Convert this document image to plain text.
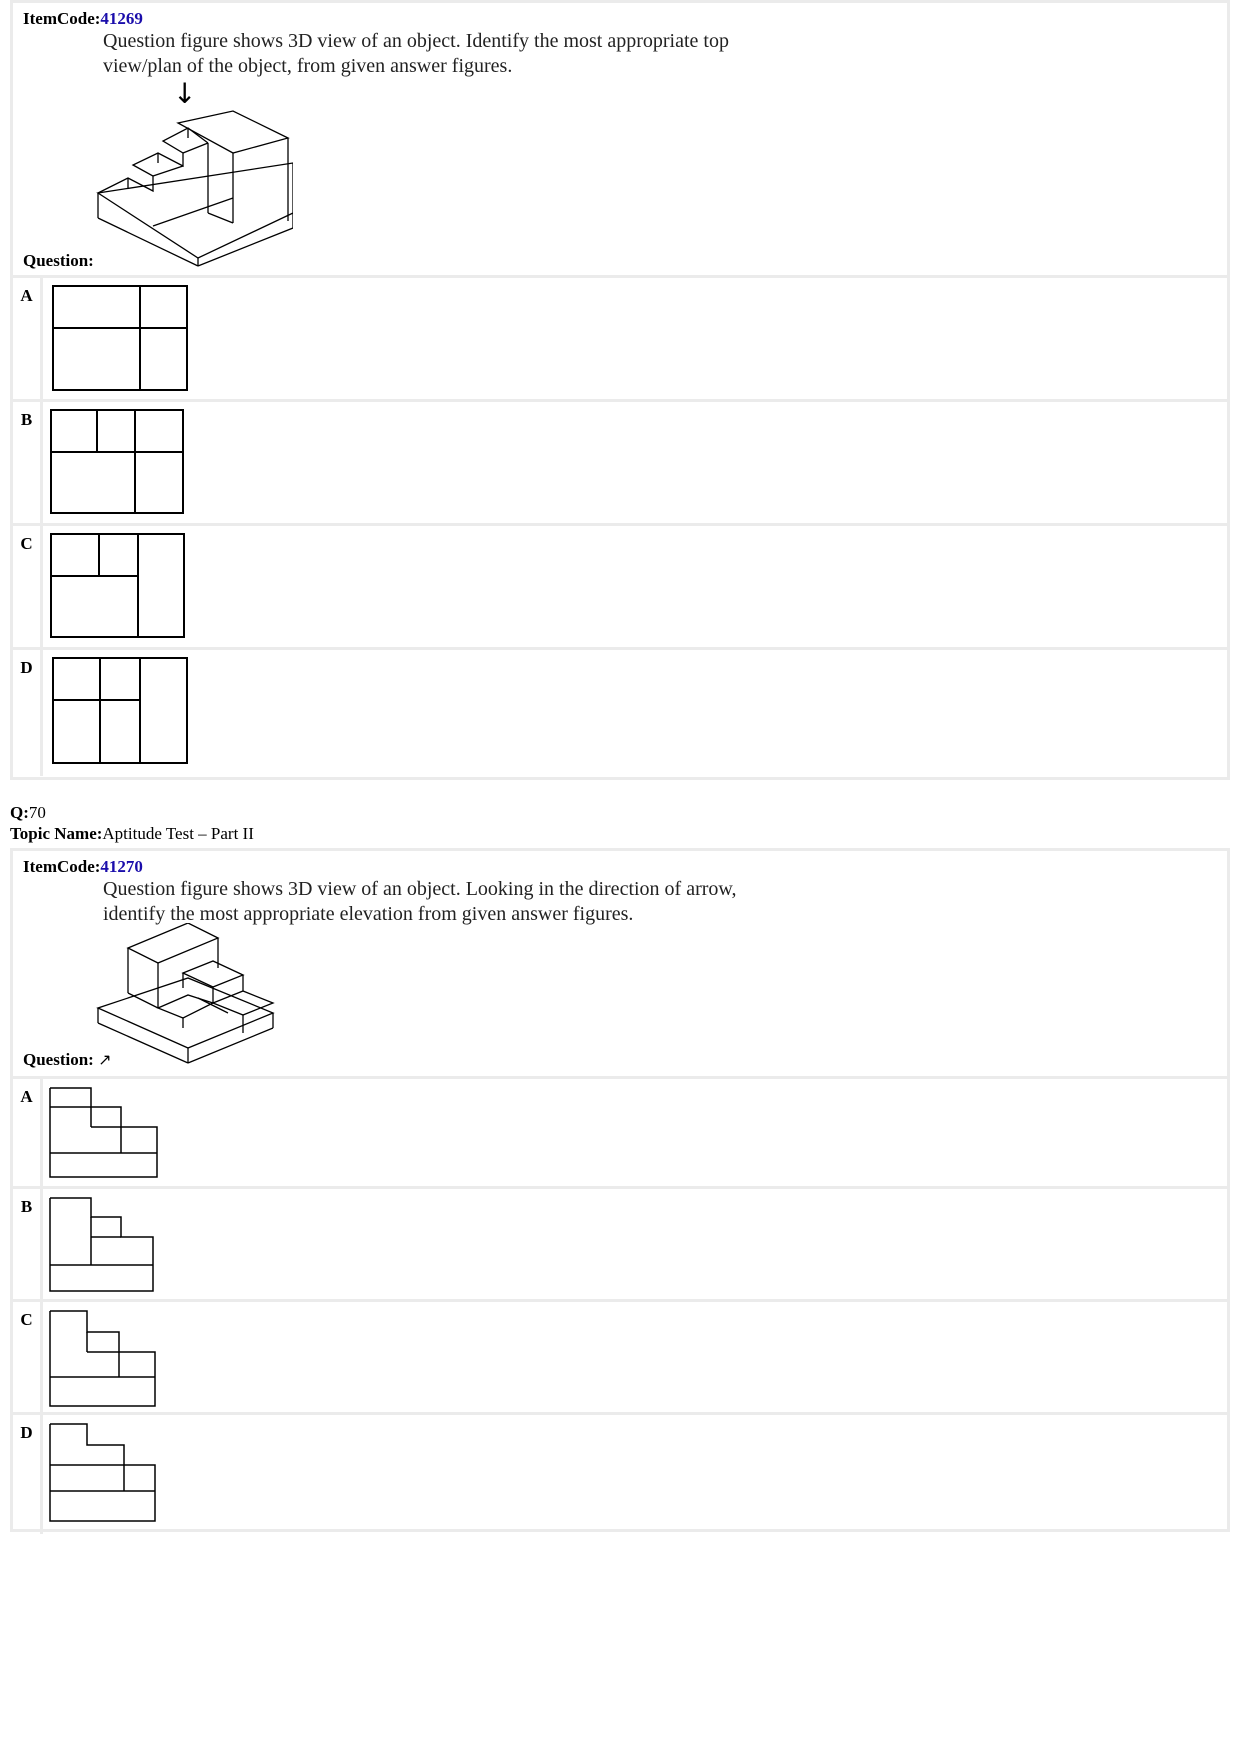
ItemCode:41269
Question figure shows 3D view of an object. Identify the most appropriate top
view/plan of the object, from given answer figures.
↓
Question:
A
B
C
D
Q:70
Topic Name:Aptitude Test – Part II
ItemCode:41270
Question figure shows 3D view of an object. Looking in the direction of arrow,
identify the most appropriate elevation from given answer figures.
Question: ↗
A
B
C
D
